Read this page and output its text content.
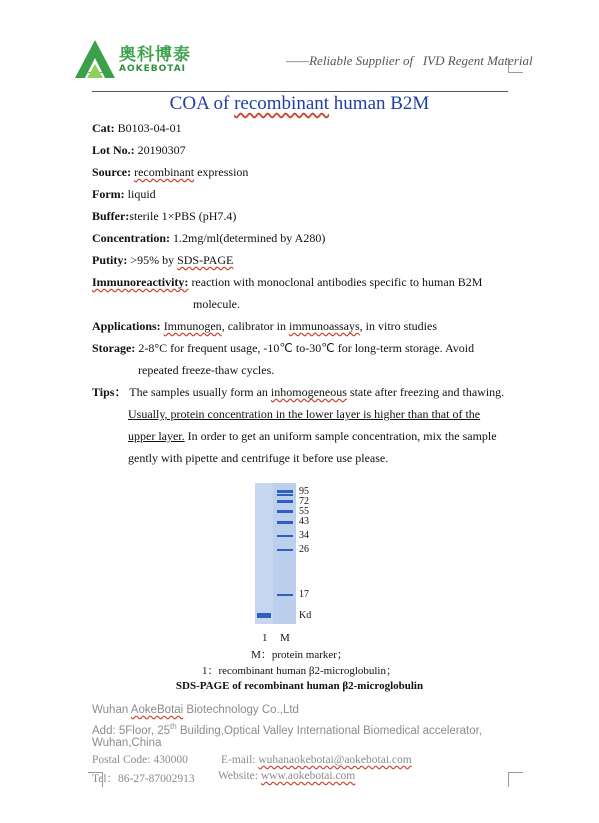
奥科博泰
AOKEBOTAI
——Reliable Supplier of   IVD Regent Material
COA of recombinant human B2M
Cat: B0103-04-01
Lot No.: 20190307
Source: recombinant expression
Form: liquid
Buffer:sterile 1×PBS (pH7.4)
Concentration: 1.2mg/ml(determined by A280)
Putity: >95% by SDS-PAGE
Immunoreactivity: reaction with monoclonal antibodies specific to human B2M
molecule.
Applications: Immunogen, calibrator in immunoassays, in vitro studies
Storage: 2-8°C for frequent usage, -10℃ to-30℃ for long-term storage. Avoid
repeated freeze-thaw cycles.
Tips： The samples usually form an inhomogeneous state after freezing and thawing.
Usually, protein concentration in the lower layer is higher than that of the
upper layer. In order to get an uniform sample concentration, mix the sample
gently with pipette and centrifuge it before use please.
95
72
55
43
34
26
17
Kd
1 M
M：protein marker；
1：recombinant human β2-microglobulin；
SDS-PAGE of recombinant human β2-microglobulin
Wuhan AokeBotai Biotechnology Co.,Ltd
Add: 5Floor, 25th Building,Optical Valley International Biomedical accelerator,
Wuhan,China
Postal Code: 430000	E-mail: wuhanaokebotai@aokebotai.com
Tel：86-27-87002913 Website: www.aokebotai.com
